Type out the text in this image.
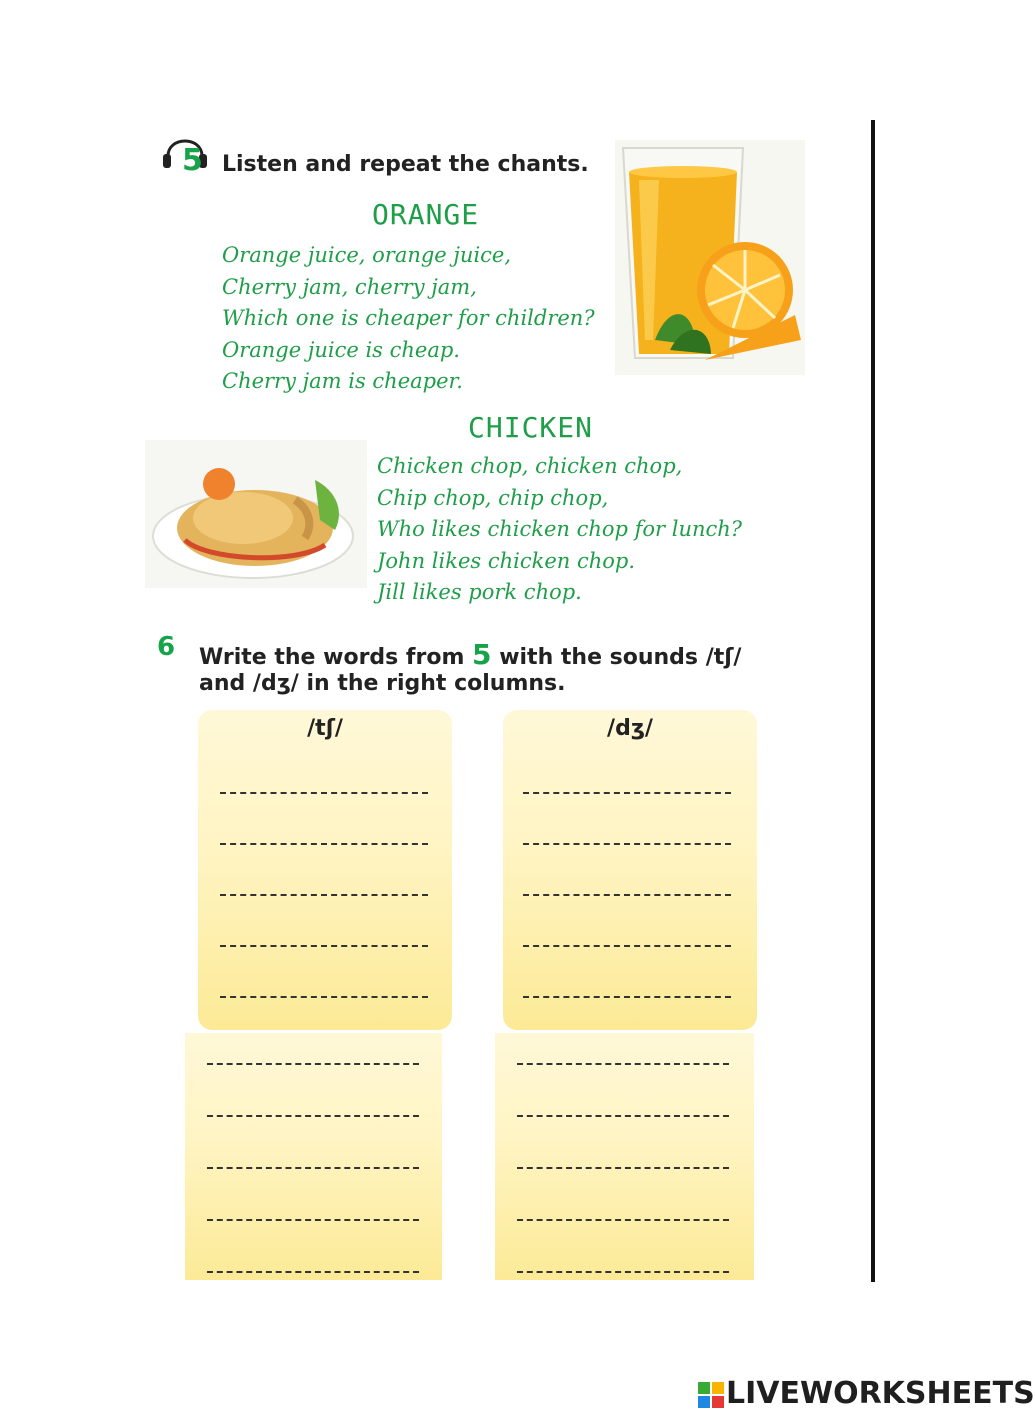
5 Listen and repeat the chants.
ORANGE
Orange juice, orange juice,
Cherry jam, cherry jam,
Which one is cheaper for children?
Orange juice is cheap.
Cherry jam is cheaper.
CHICKEN
Chicken chop, chicken chop,
Chip chop, chip chop,
Who likes chicken chop for lunch?
John likes chicken chop.
Jill likes pork chop.
6 Write the words from 5 with the sounds /tʃ/
and /dʒ/ in the right columns.
/tʃ/	/dʒ/
LIVEWORKSHEETS
